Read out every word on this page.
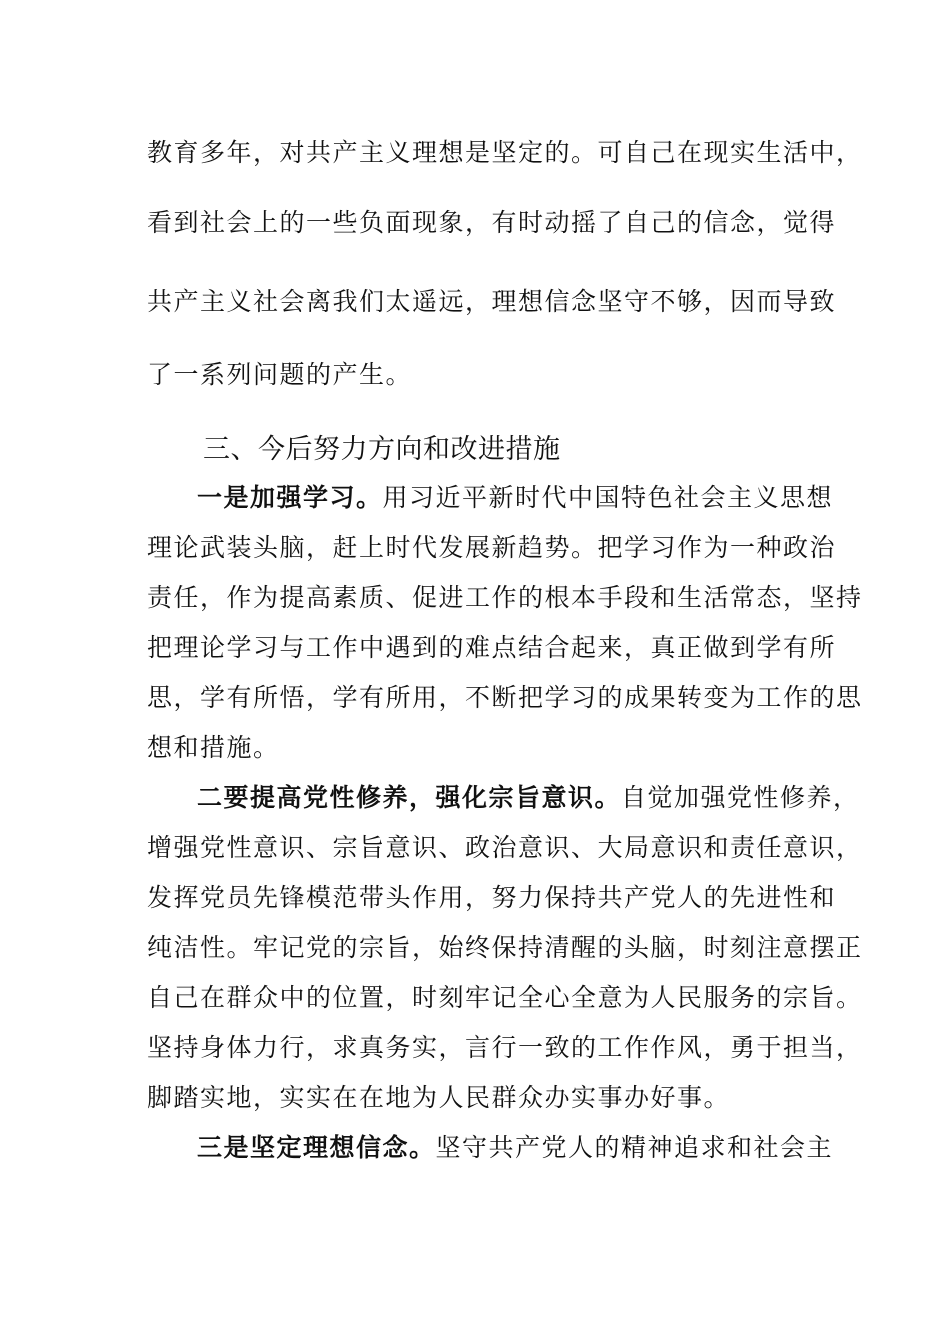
教育多年，对共产主义理想是坚定的。可自己在现实生活中，
看到社会上的一些负面现象，有时动摇了自己的信念，觉得
共产主义社会离我们太遥远，理想信念坚守不够，因而导致
了一系列问题的产生。
三、今后努力方向和改进措施
一是加强学习。用习近平新时代中国特色社会主义思想
理论武装头脑，赶上时代发展新趋势。把学习作为一种政治
责任，作为提高素质、促进工作的根本手段和生活常态，坚持
把理论学习与工作中遇到的难点结合起来，真正做到学有所
思，学有所悟，学有所用，不断把学习的成果转变为工作的思
想和措施。
二要提高党性修养，强化宗旨意识。自觉加强党性修养，
增强党性意识、宗旨意识、政治意识、大局意识和责任意识，
发挥党员先锋模范带头作用，努力保持共产党人的先进性和
纯洁性。牢记党的宗旨，始终保持清醒的头脑，时刻注意摆正
自己在群众中的位置，时刻牢记全心全意为人民服务的宗旨。
坚持身体力行，求真务实，言行一致的工作作风，勇于担当，
脚踏实地，实实在在地为人民群众办实事办好事。
三是坚定理想信念。坚守共产党人的精神追求和社会主
